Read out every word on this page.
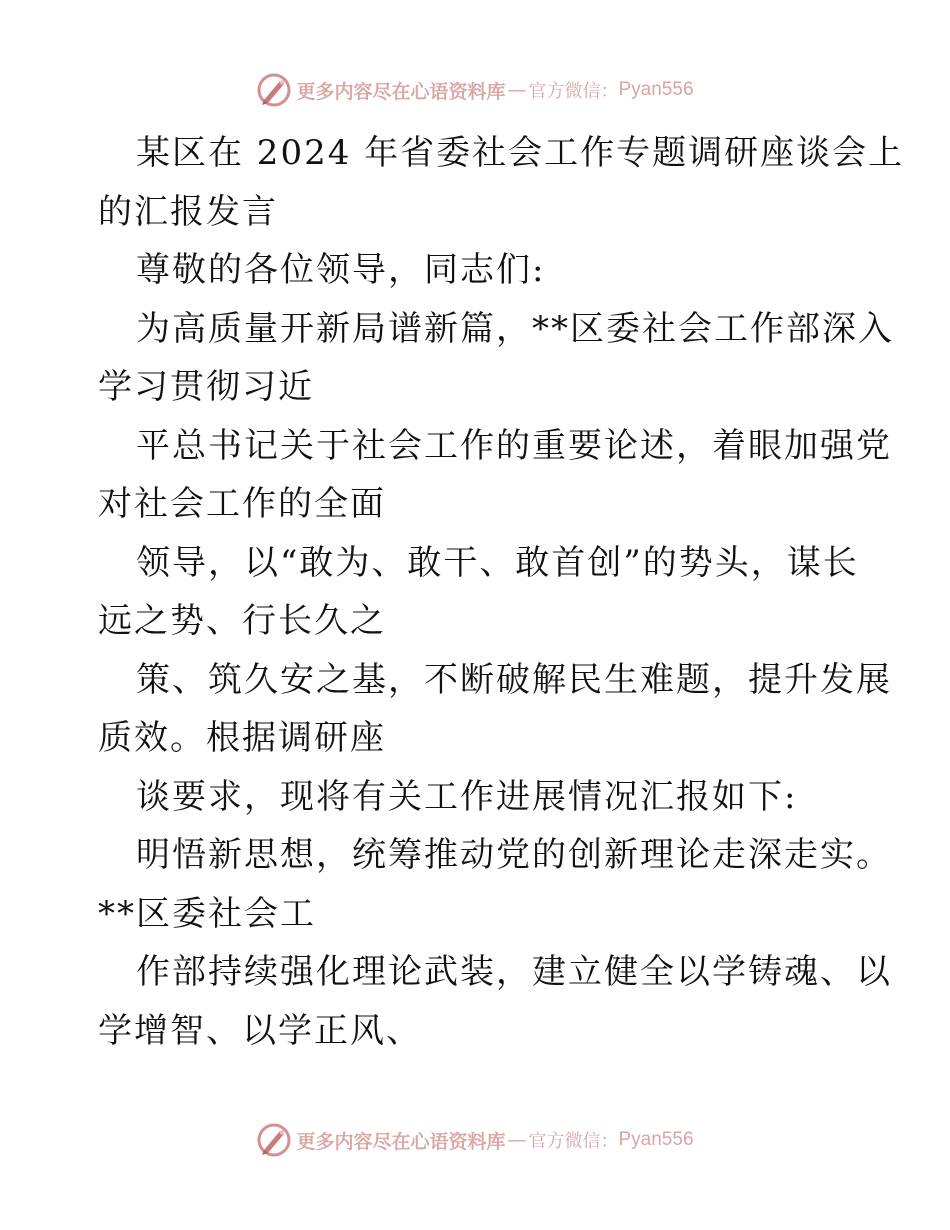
更多内容尽在心语资料库 — 官方微信： Pyan556
某区在 2024 年省委社会工作专题调研座谈会上
的汇报发言
尊敬的各位领导，同志们:
为高质量开新局谱新篇，**区委社会工作部深入
学习贯彻习近
平总书记关于社会工作的重要论述，着眼加强党
对社会工作的全面
领导，以“敢为、敢干、敢首创”的势头，谋长
远之势、行长久之
策、筑久安之基，不断破解民生难题，提升发展
质效。根据调研座
谈要求，现将有关工作进展情况汇报如下:
明悟新思想，统筹推动党的创新理论走深走实。
**区委社会工
作部持续强化理论武装，建立健全以学铸魂、以
学增智、以学正风、
更多内容尽在心语资料库 — 官方微信： Pyan556
